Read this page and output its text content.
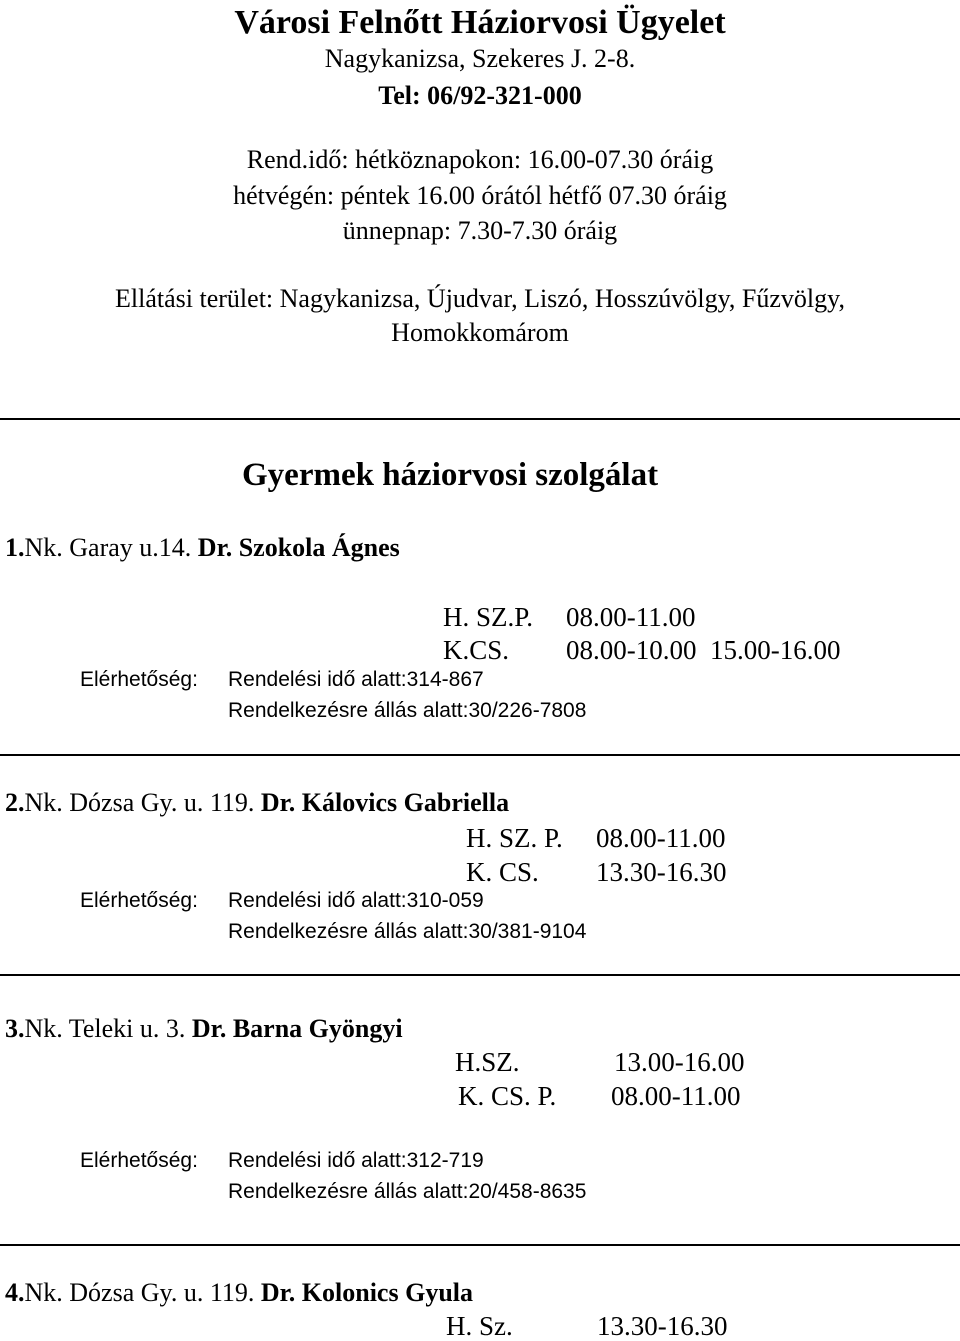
Városi Felnőtt Háziorvosi Ügyelet
Nagykanizsa, Szekeres J. 2-8.
Tel: 06/92-321-000
Rend.idő: hétköznapokon: 16.00-07.30 óráig
hétvégén: péntek 16.00 órától hétfő 07.30 óráig
ünnepnap: 7.30-7.30 óráig
Ellátási terület: Nagykanizsa, Újudvar, Liszó, Hosszúvölgy, Fűzvölgy,
Homokkomárom
Gyermek háziorvosi szolgálat
1.Nk. Garay u.14. Dr. Szokola Ágnes
H. SZ.P. 08.00-11.00
K.CS. 08.00-10.00  15.00-16.00
Elérhetőség: Rendelési idő alatt:314-867
Rendelkezésre állás alatt:30/226-7808
2.Nk. Dózsa Gy. u. 119. Dr. Kálovics Gabriella
H. SZ. P. 08.00-11.00
K. CS. 13.30-16.30
Elérhetőség: Rendelési idő alatt:310-059
Rendelkezésre állás alatt:30/381-9104
3.Nk. Teleki u. 3. Dr. Barna Gyöngyi
H.SZ.	13.00-16.00
K. CS. P. 08.00-11.00
Elérhetőség: Rendelési idő alatt:312-719
Rendelkezésre állás alatt:20/458-8635
4.Nk. Dózsa Gy. u. 119. Dr. Kolonics Gyula
H. Sz.	13.30-16.30
